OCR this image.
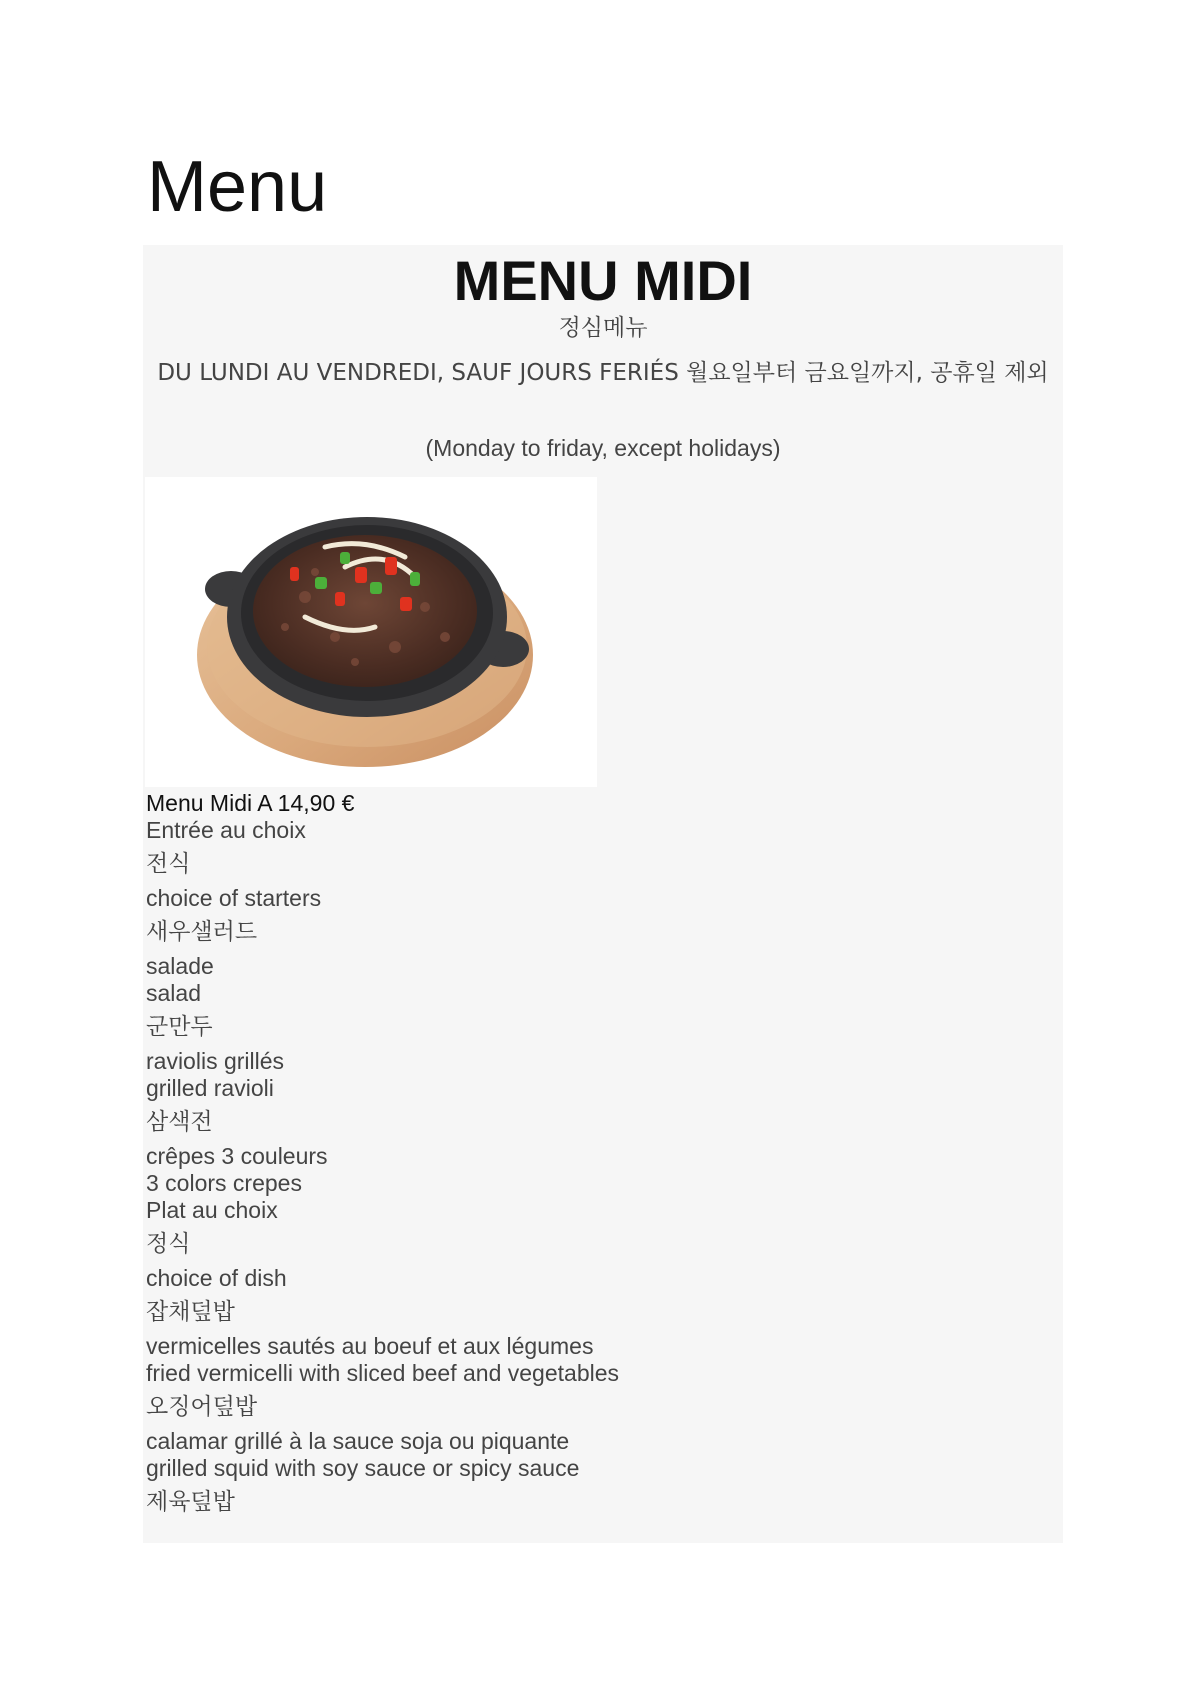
Menu
MENU MIDI
정심메뉴
DU LUNDI AU VENDREDI, SAUF JOURS FERIÉS 월요일부터 금요일까지, 공휴일 제외
(Monday to friday, except holidays)
Menu Midi A 14,90 €
Entrée au choix
전식
choice of starters
새우샐러드
salade
salad
군만두
raviolis grillés
grilled ravioli
삼색전
crêpes 3 couleurs
3 colors crepes
Plat au choix
정식
choice of dish
잡채덮밥
vermicelles sautés au boeuf et aux légumes
fried vermicelli with sliced beef and vegetables
오징어덮밥
calamar grillé à la sauce soja ou piquante
grilled squid with soy sauce or spicy sauce
제육덮밥
